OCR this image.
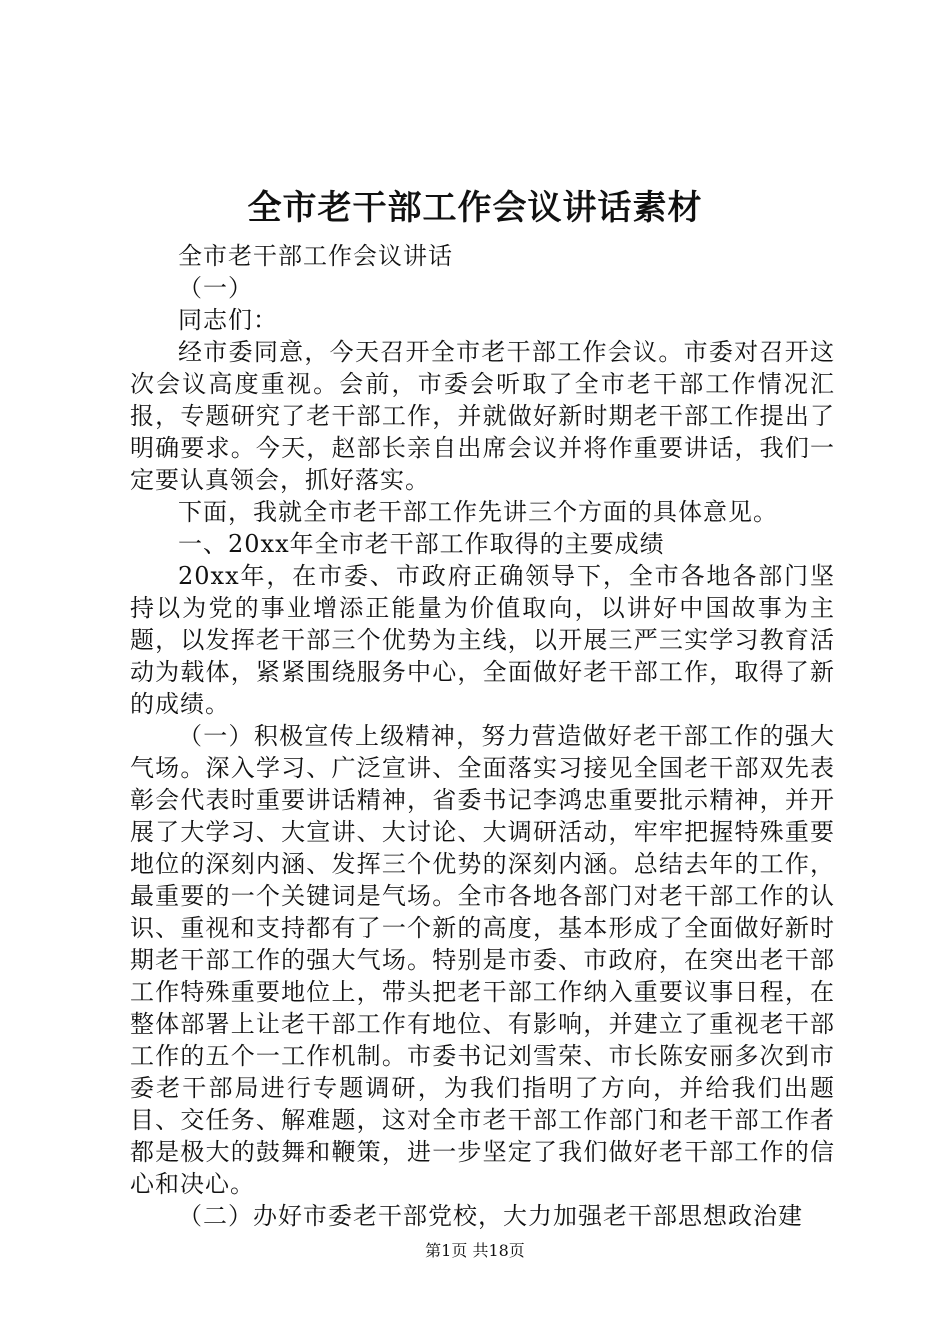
全市老干部工作会议讲话素材

全市老干部工作会议讲话

（一）

同志们：

经市委同意，今天召开全市老干部工作会议。市委对召开这次会议高度重视。会前，市委会听取了全市老干部工作情况汇报，专题研究了老干部工作，并就做好新时期老干部工作提出了明确要求。今天，赵部长亲自出席会议并将作重要讲话，我们一定要认真领会，抓好落实。

下面，我就全市老干部工作先讲三个方面的具体意见。

一、20xx年全市老干部工作取得的主要成绩

20xx年，在市委、市政府正确领导下，全市各地各部门坚持以为党的事业增添正能量为价值取向，以讲好中国故事为主题，以发挥老干部三个优势为主线，以开展三严三实学习教育活动为载体，紧紧围绕服务中心，全面做好老干部工作，取得了新的成绩。

（一）积极宣传上级精神，努力营造做好老干部工作的强大气场。深入学习、广泛宣讲、全面落实习接见全国老干部双先表彰会代表时重要讲话精神，省委书记李鸿忠重要批示精神，并开展了大学习、大宣讲、大讨论、大调研活动，牢牢把握特殊重要地位的深刻内涵、发挥三个优势的深刻内涵。总结去年的工作，最重要的一个关键词是气场。全市各地各部门对老干部工作的认识、重视和支持都有了一个新的高度，基本形成了全面做好新时期老干部工作的强大气场。特别是市委、市政府，在突出老干部工作特殊重要地位上，带头把老干部工作纳入重要议事日程，在整体部署上让老干部工作有地位、有影响，并建立了重视老干部工作的五个一工作机制。市委书记刘雪荣、市长陈安丽多次到市委老干部局进行专题调研，为我们指明了方向，并给我们出题目、交任务、解难题，这对全市老干部工作部门和老干部工作者都是极大的鼓舞和鞭策，进一步坚定了我们做好老干部工作的信心和决心。

（二）办好市委老干部党校，大力加强老干部思想政治建

第1页 共18页
